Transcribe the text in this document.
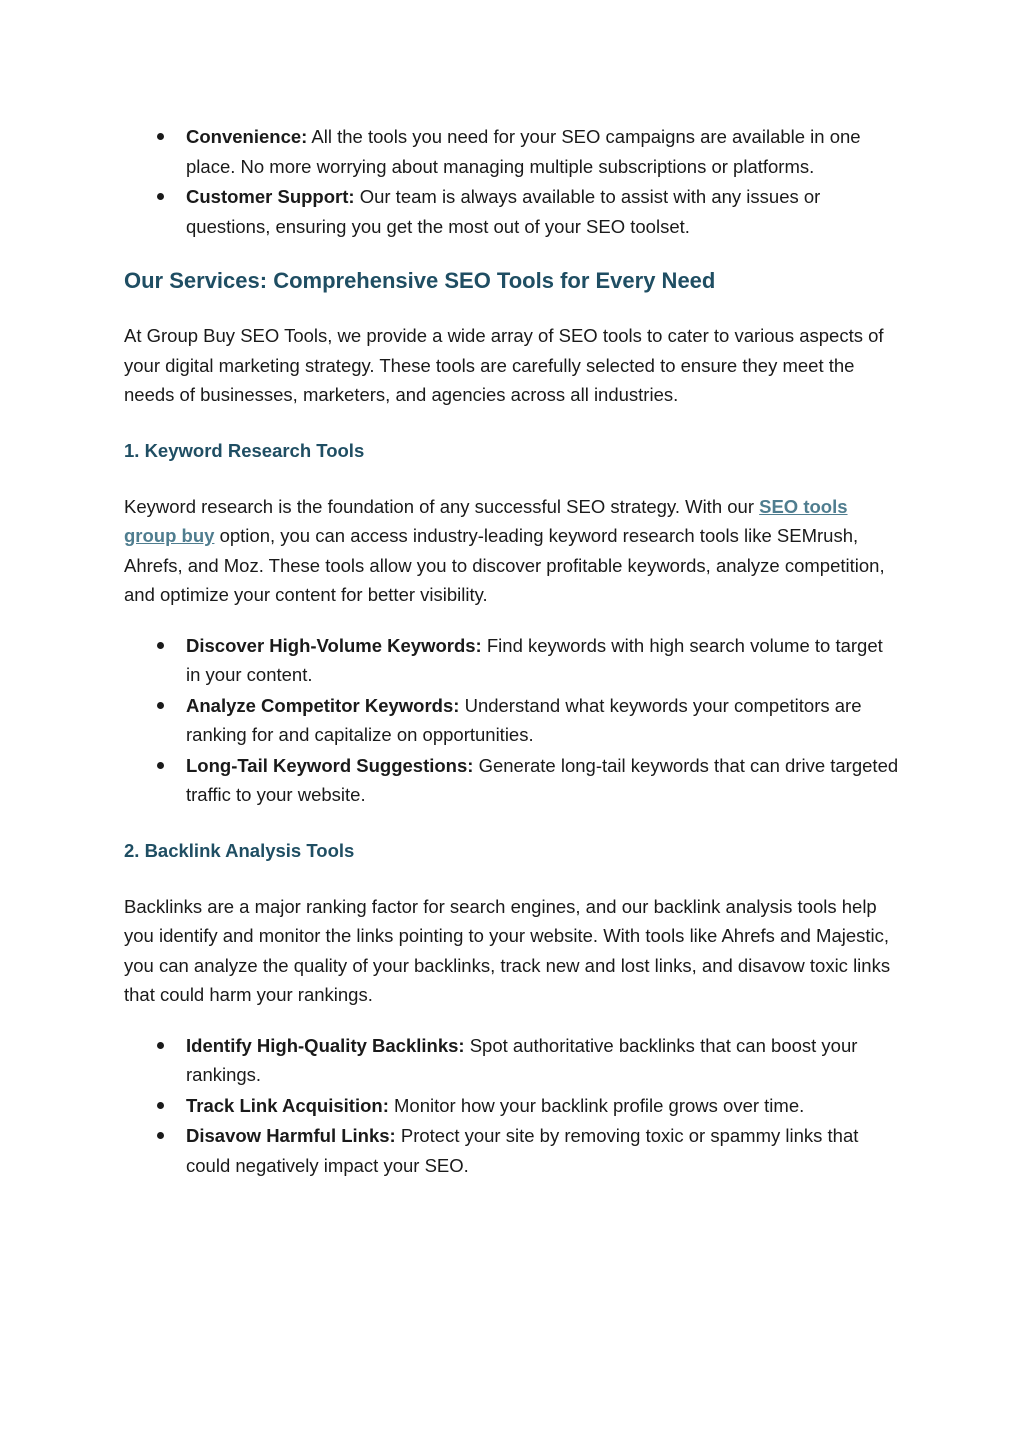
Convenience: All the tools you need for your SEO campaigns are available in one place. No more worrying about managing multiple subscriptions or platforms.
Customer Support: Our team is always available to assist with any issues or questions, ensuring you get the most out of your SEO toolset.
Our Services: Comprehensive SEO Tools for Every Need

At Group Buy SEO Tools, we provide a wide array of SEO tools to cater to various aspects of your digital marketing strategy. These tools are carefully selected to ensure they meet the needs of businesses, marketers, and agencies across all industries.

1. Keyword Research Tools

Keyword research is the foundation of any successful SEO strategy. With our SEO tools group buy option, you can access industry-leading keyword research tools like SEMrush, Ahrefs, and Moz. These tools allow you to discover profitable keywords, analyze competition, and optimize your content for better visibility.

Discover High-Volume Keywords: Find keywords with high search volume to target in your content.
Analyze Competitor Keywords: Understand what keywords your competitors are ranking for and capitalize on opportunities.
Long-Tail Keyword Suggestions: Generate long-tail keywords that can drive targeted traffic to your website.
2. Backlink Analysis Tools

Backlinks are a major ranking factor for search engines, and our backlink analysis tools help you identify and monitor the links pointing to your website. With tools like Ahrefs and Majestic, you can analyze the quality of your backlinks, track new and lost links, and disavow toxic links that could harm your rankings.

Identify High-Quality Backlinks: Spot authoritative backlinks that can boost your rankings.
Track Link Acquisition: Monitor how your backlink profile grows over time.
Disavow Harmful Links: Protect your site by removing toxic or spammy links that could negatively impact your SEO.
